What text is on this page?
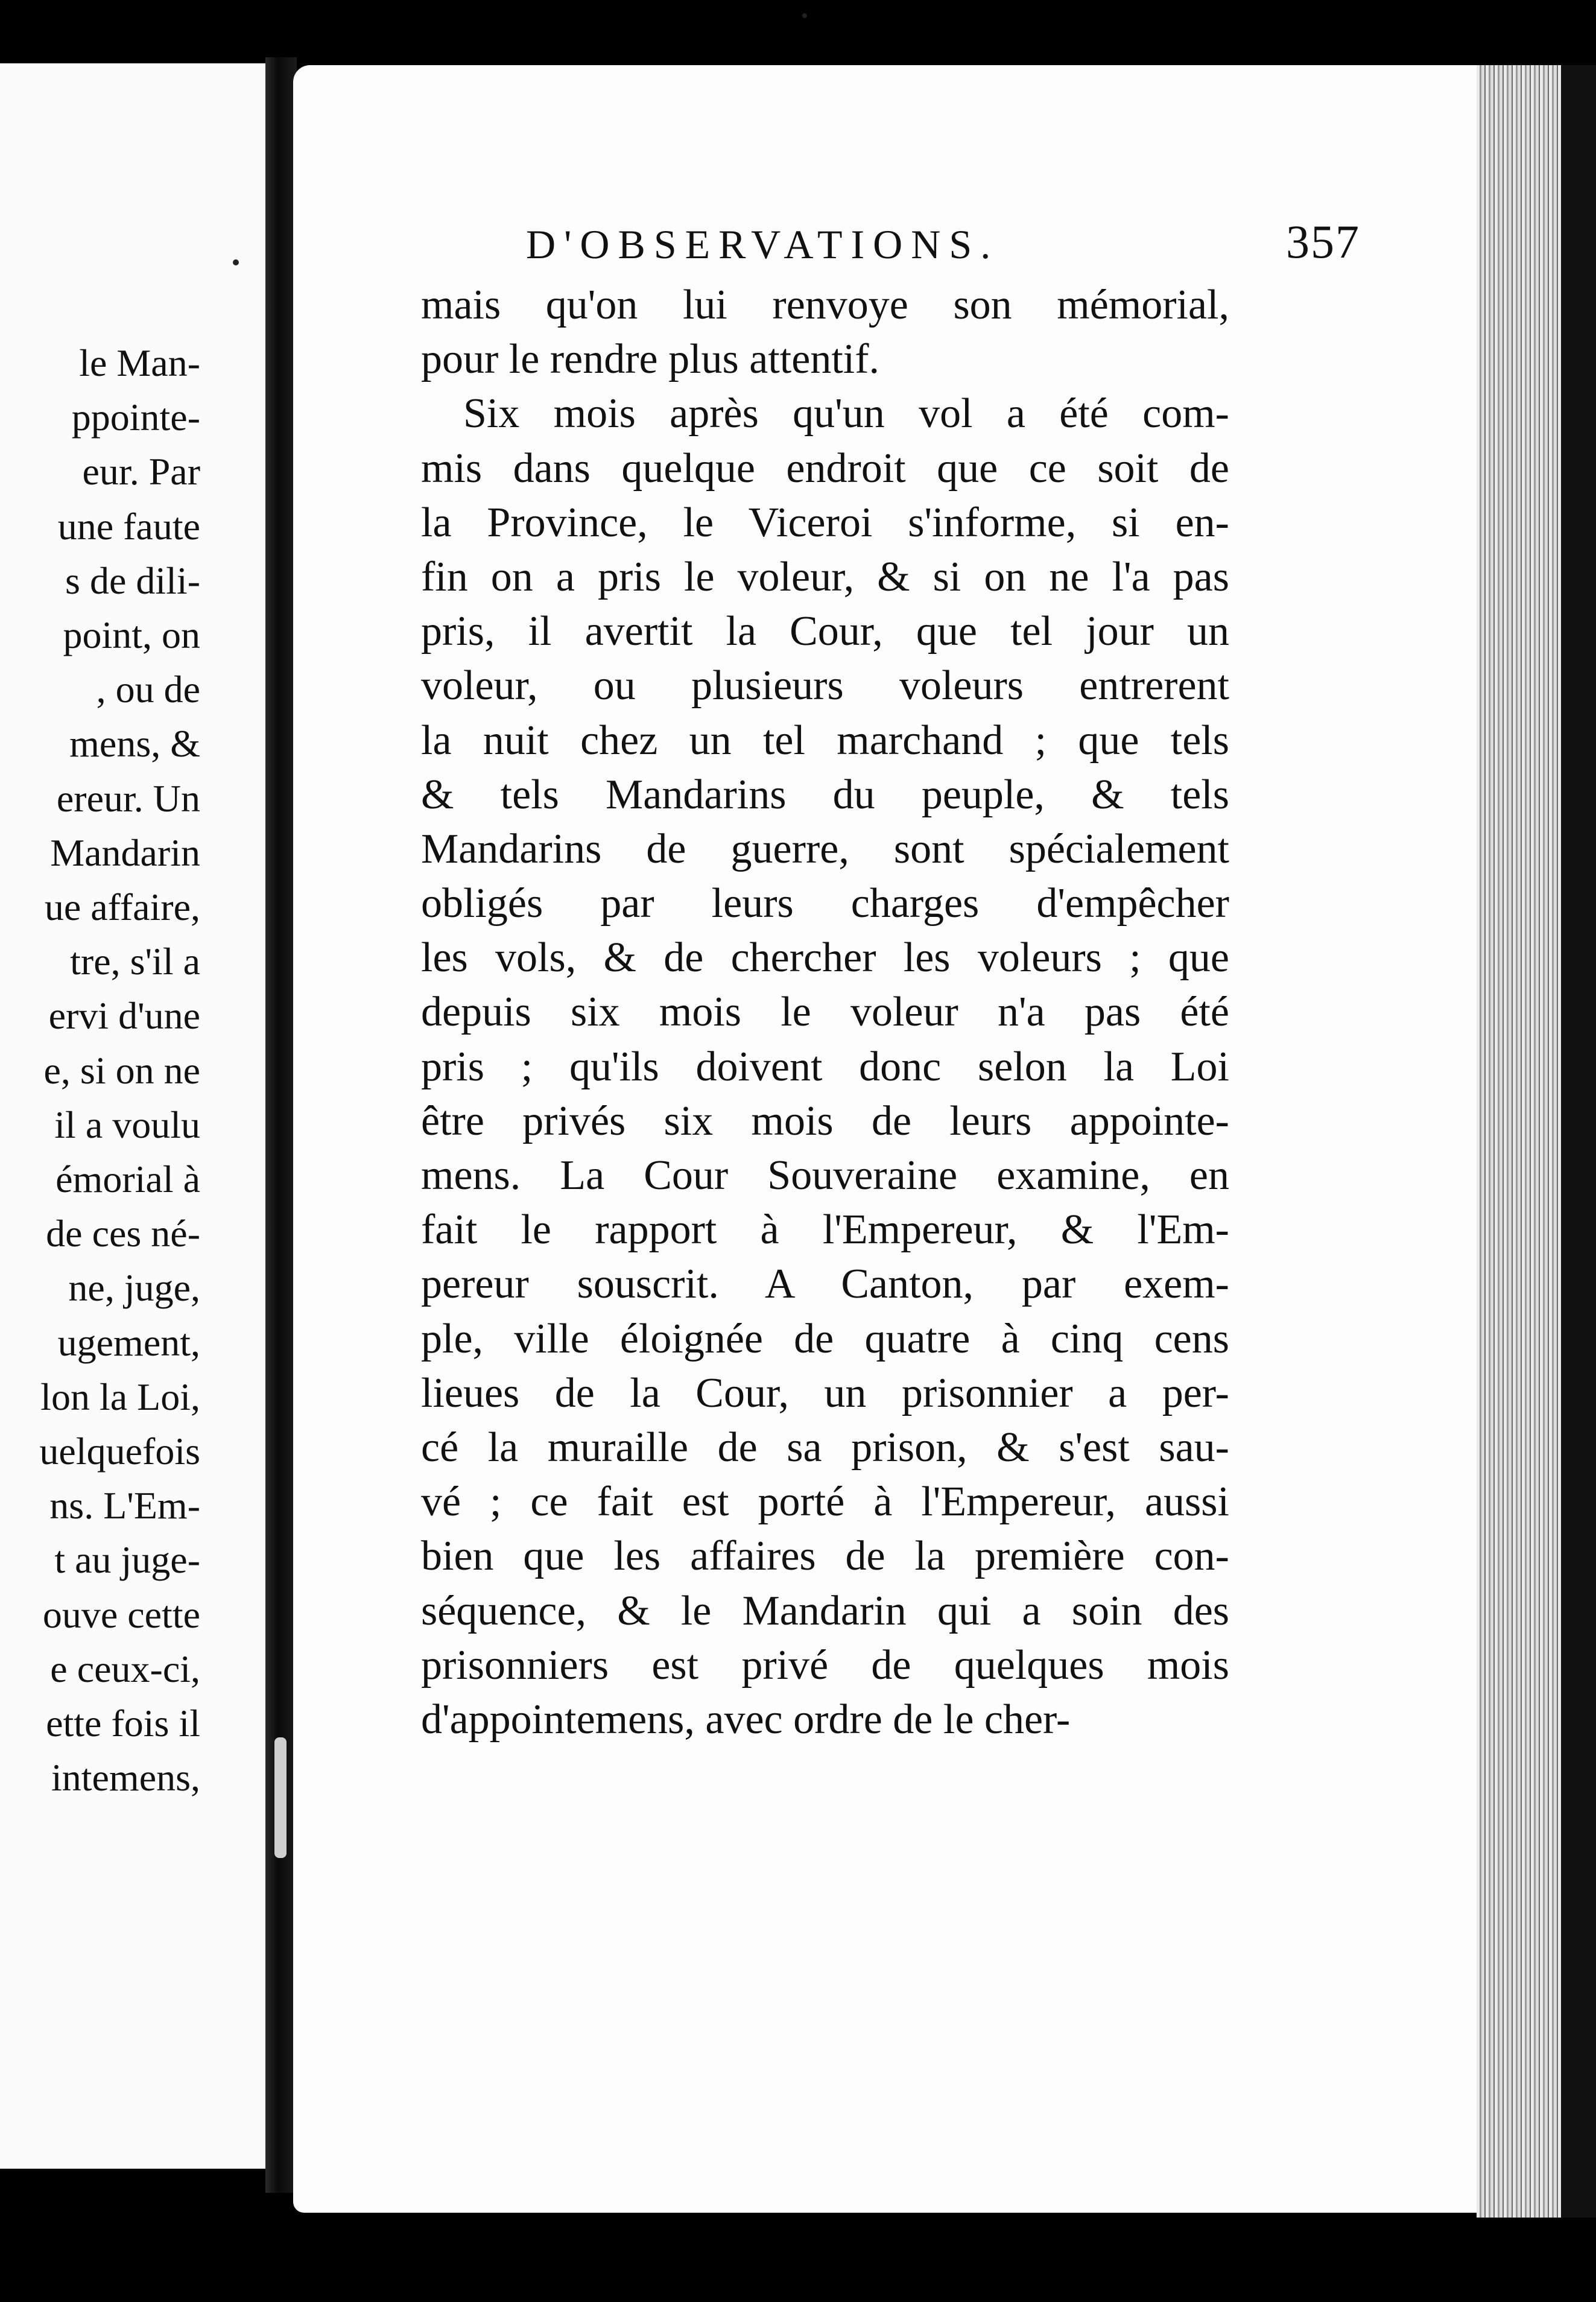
le Man-
ppointe-
eur. Par
une faute
s de dili-
point, on
, ou de
mens, &
ereur. Un
Mandarin
ue affaire,
tre, s'il a
ervi d'une
e, si on ne
il a voulu
émorial à
de ces né-
ne, juge,
ugement,
lon la Loi,
uelquefois
ns. L'Em-
t au juge-
ouve cette
e ceux-ci,
ette fois il
intemens,
D'OBSERVATIONS.	357
mais qu'on lui renvoye son mémorial,
pour le rendre plus attentif.
Six mois après qu'un vol a été com-
mis dans quelque endroit que ce soit de
la Province, le Viceroi s'informe, si en-
fin on a pris le voleur, & si on ne l'a pas
pris, il avertit la Cour, que tel jour un
voleur, ou plusieurs voleurs entrerent
la nuit chez un tel marchand ; que tels
& tels Mandarins du peuple, & tels
Mandarins de guerre, sont spécialement
obligés par leurs charges d'empêcher
les vols, & de chercher les voleurs ; que
depuis six mois le voleur n'a pas été
pris ; qu'ils doivent donc selon la Loi
être privés six mois de leurs appointe-
mens. La Cour Souveraine examine, en
fait le rapport à l'Empereur, & l'Em-
pereur souscrit. A Canton, par exem-
ple, ville éloignée de quatre à cinq cens
lieues de la Cour, un prisonnier a per-
cé la muraille de sa prison, & s'est sau-
vé ; ce fait est porté à l'Empereur, aussi
bien que les affaires de la première con-
séquence, & le Mandarin qui a soin des
prisonniers est privé de quelques mois
d'appointemens, avec ordre de le cher-
